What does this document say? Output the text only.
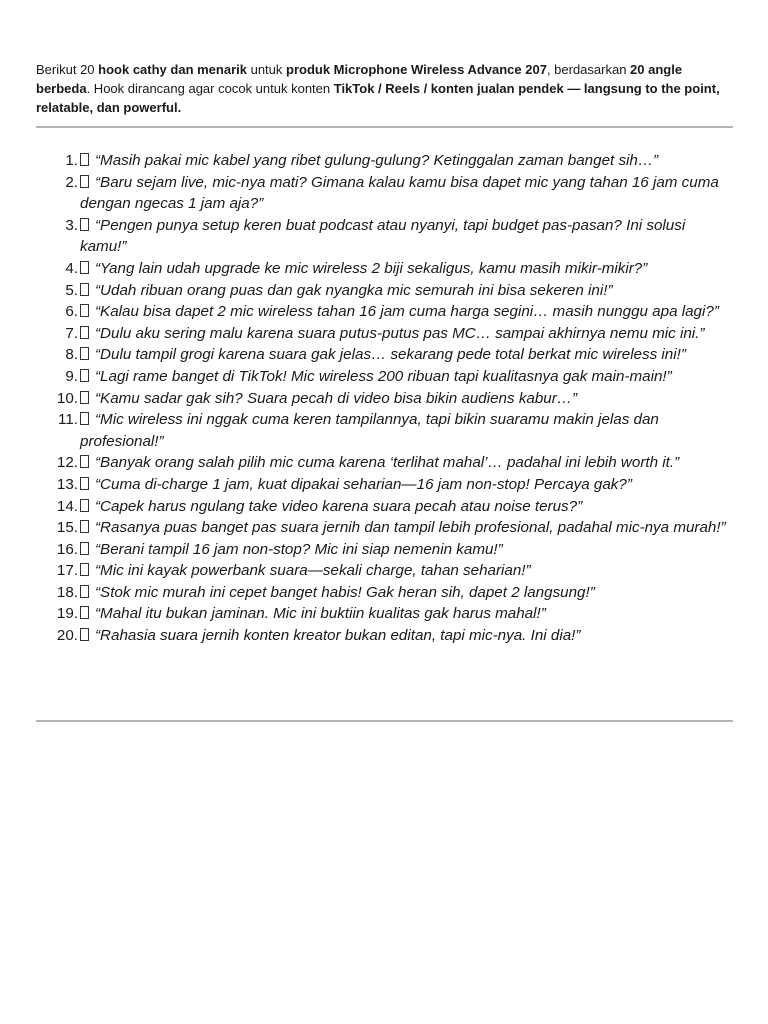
Berikut 20 hook cathy dan menarik untuk produk Microphone Wireless Advance 207, berdasarkan 20 angle berbeda. Hook dirancang agar cocok untuk konten TikTok / Reels / konten jualan pendek — langsung to the point, relatable, dan powerful.

1.	“Masih pakai mic kabel yang ribet gulung-gulung? Ketinggalan zaman banget sih…”
2.	“Baru sejam live, mic-nya mati? Gimana kalau kamu bisa dapet mic yang tahan 16 jam cuma dengan ngecas 1 jam aja?”
3.	“Pengen punya setup keren buat podcast atau nyanyi, tapi budget pas-pasan? Ini solusi kamu!”
4.	“Yang lain udah upgrade ke mic wireless 2 biji sekaligus, kamu masih mikir-mikir?”
5.	“Udah ribuan orang puas dan gak nyangka mic semurah ini bisa sekeren ini!”
6.	“Kalau bisa dapet 2 mic wireless tahan 16 jam cuma harga segini… masih nunggu apa lagi?”
7.	“Dulu aku sering malu karena suara putus-putus pas MC… sampai akhirnya nemu mic ini.”
8.	“Dulu tampil grogi karena suara gak jelas… sekarang pede total berkat mic wireless ini!”
9.	“Lagi rame banget di TikTok! Mic wireless 200 ribuan tapi kualitasnya gak main-main!”
10.	“Kamu sadar gak sih? Suara pecah di video bisa bikin audiens kabur…”
11.	“Mic wireless ini nggak cuma keren tampilannya, tapi bikin suaramu makin jelas dan profesional!”
12.	“Banyak orang salah pilih mic cuma karena ‘terlihat mahal’… padahal ini lebih worth it.”
13.	“Cuma di-charge 1 jam, kuat dipakai seharian—16 jam non-stop! Percaya gak?”
14.	“Capek harus ngulang take video karena suara pecah atau noise terus?”
15.	“Rasanya puas banget pas suara jernih dan tampil lebih profesional, padahal mic-nya murah!”
16.	“Berani tampil 16 jam non-stop? Mic ini siap nemenin kamu!”
17.	“Mic ini kayak powerbank suara—sekali charge, tahan seharian!”
18.	“Stok mic murah ini cepet banget habis! Gak heran sih, dapet 2 langsung!”
19.	“Mahal itu bukan jaminan. Mic ini buktiin kualitas gak harus mahal!”
20.	“Rahasia suara jernih konten kreator bukan editan, tapi mic-nya. Ini dia!”
